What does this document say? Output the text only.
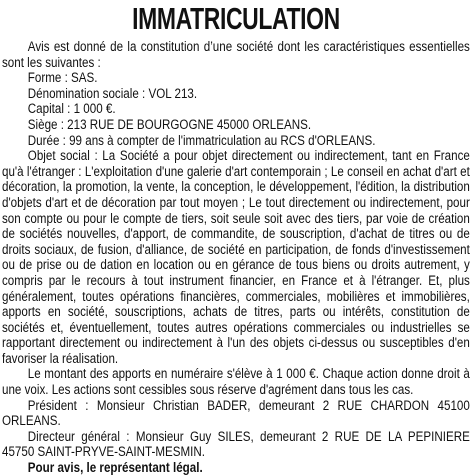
IMMATRICULATION

Avis est donné de la constitution d’une société dont les caractéristiques essentielles sont les suivantes :

Forme : SAS.

Dénomination sociale : VOL 213.

Capital : 1 000 €.

Siège : 213 RUE DE BOURGOGNE 45000 ORLEANS.

Durée : 99 ans à compter de l'immatriculation au RCS d'ORLEANS.

Objet social : La Société a pour objet directement ou indirectement, tant en France qu'à l'étranger : L'exploitation d'une galerie d'art contemporain ; Le conseil en achat d'art et décoration, la promotion, la vente, la conception, le développement, l'édition, la distribution d'objets d'art et de décoration par tout moyen ; Le tout directement ou indirectement, pour son compte ou pour le compte de tiers, soit seule soit avec des tiers, par voie de création de sociétés nouvelles, d'apport, de commandite, de souscription, d'achat de titres ou de droits sociaux, de fusion, d'alliance, de société en participation, de fonds d'investissement ou de prise ou de dation en location ou en gérance de tous biens ou droits autrement, y compris par le recours à tout instrument financier, en France et à l'étranger. Et, plus généralement, toutes opérations financières, commerciales, mobilières et immobilières, apports en société, souscriptions, achats de titres, parts ou intérêts, constitution de sociétés et, éventuellement, toutes autres opérations commerciales ou industrielles se rapportant directement ou indirectement à l'un des objets ci-dessus ou susceptibles d'en favoriser la réalisation.

Le montant des apports en numéraire s'élève à 1 000 €. Chaque action donne droit à une voix. Les actions sont cessibles sous réserve d'agrément dans tous les cas.

Président : Monsieur Christian BADER, demeurant 2 RUE CHARDON 45100 ORLEANS.

Directeur général : Monsieur Guy SILES, demeurant 2 RUE DE LA PEPINIERE 45750 SAINT-PRYVE-SAINT-MESMIN.

Pour avis, le représentant légal.
